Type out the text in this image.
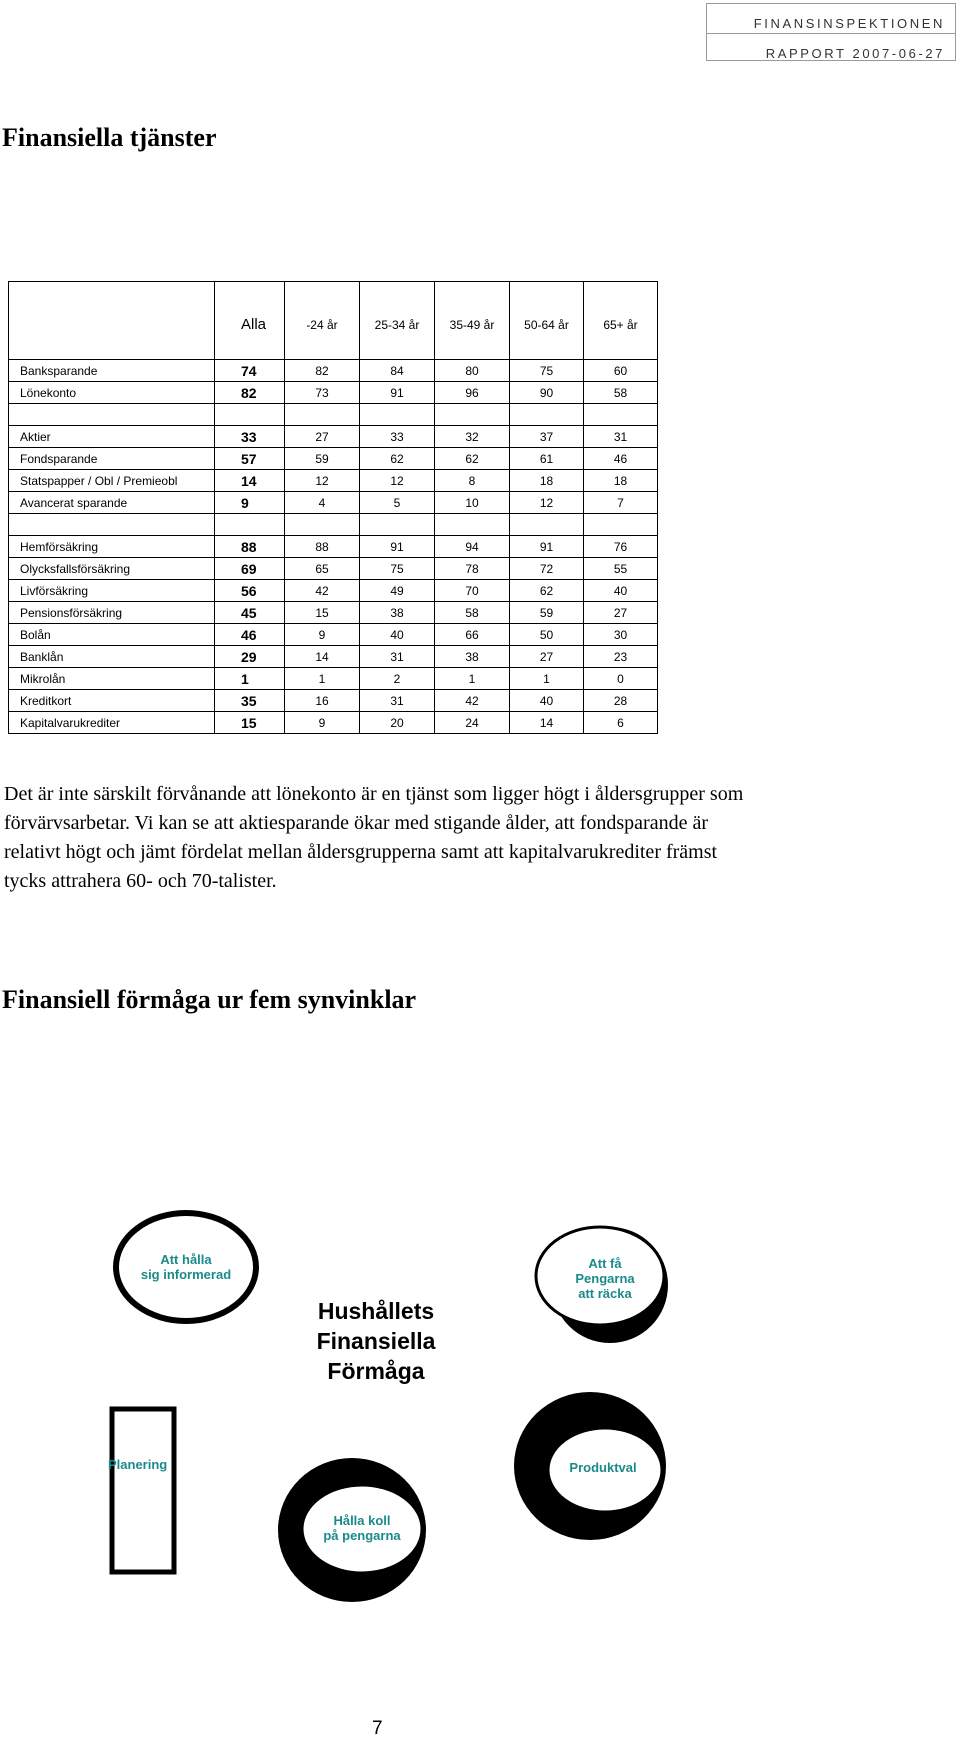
FINANSINSPEKTIONEN
RAPPORT 2007-06-27
Finansiella tjänster
	Alla	-24 år	25-34 år	35-49 år	50-64 år	65+ år
Banksparande	74	82	84	80	75	60
Lönekonto	82	73	91	96	90	58

Aktier	33	27	33	32	37	31
Fondsparande	57	59	62	62	61	46
Statspapper / Obl / Premieobl	14	12	12	8	18	18
Avancerat sparande	9	4	5	10	12	7

Hemförsäkring	88	88	91	94	91	76
Olycksfallsförsäkring	69	65	75	78	72	55
Livförsäkring	56	42	49	70	62	40
Pensionsförsäkring	45	15	38	58	59	27
Bolån	46	9	40	66	50	30
Banklån	29	14	31	38	27	23
Mikrolån	1	1	2	1	1	0
Kreditkort	35	16	31	42	40	28
Kapitalvarukrediter	15	9	20	24	14	6

Det är inte särskilt förvånande att lönekonto är en tjänst som ligger högt i åldersgrupper som förvärvsarbetar. Vi kan se att aktiesparande ökar med stigande ålder, att fondsparande är relativt högt och jämt fördelat mellan åldersgrupperna samt att kapitalvarukrediter främst tycks attrahera 60- och 70-talister.

Finansiell förmåga ur fem synvinklar
Hushållets
Finansiella
Förmåga
Att hålla
sig informerad
Att få
Pengarna
att räcka
Planering	Produktval
Hålla koll
på pengarna
7
